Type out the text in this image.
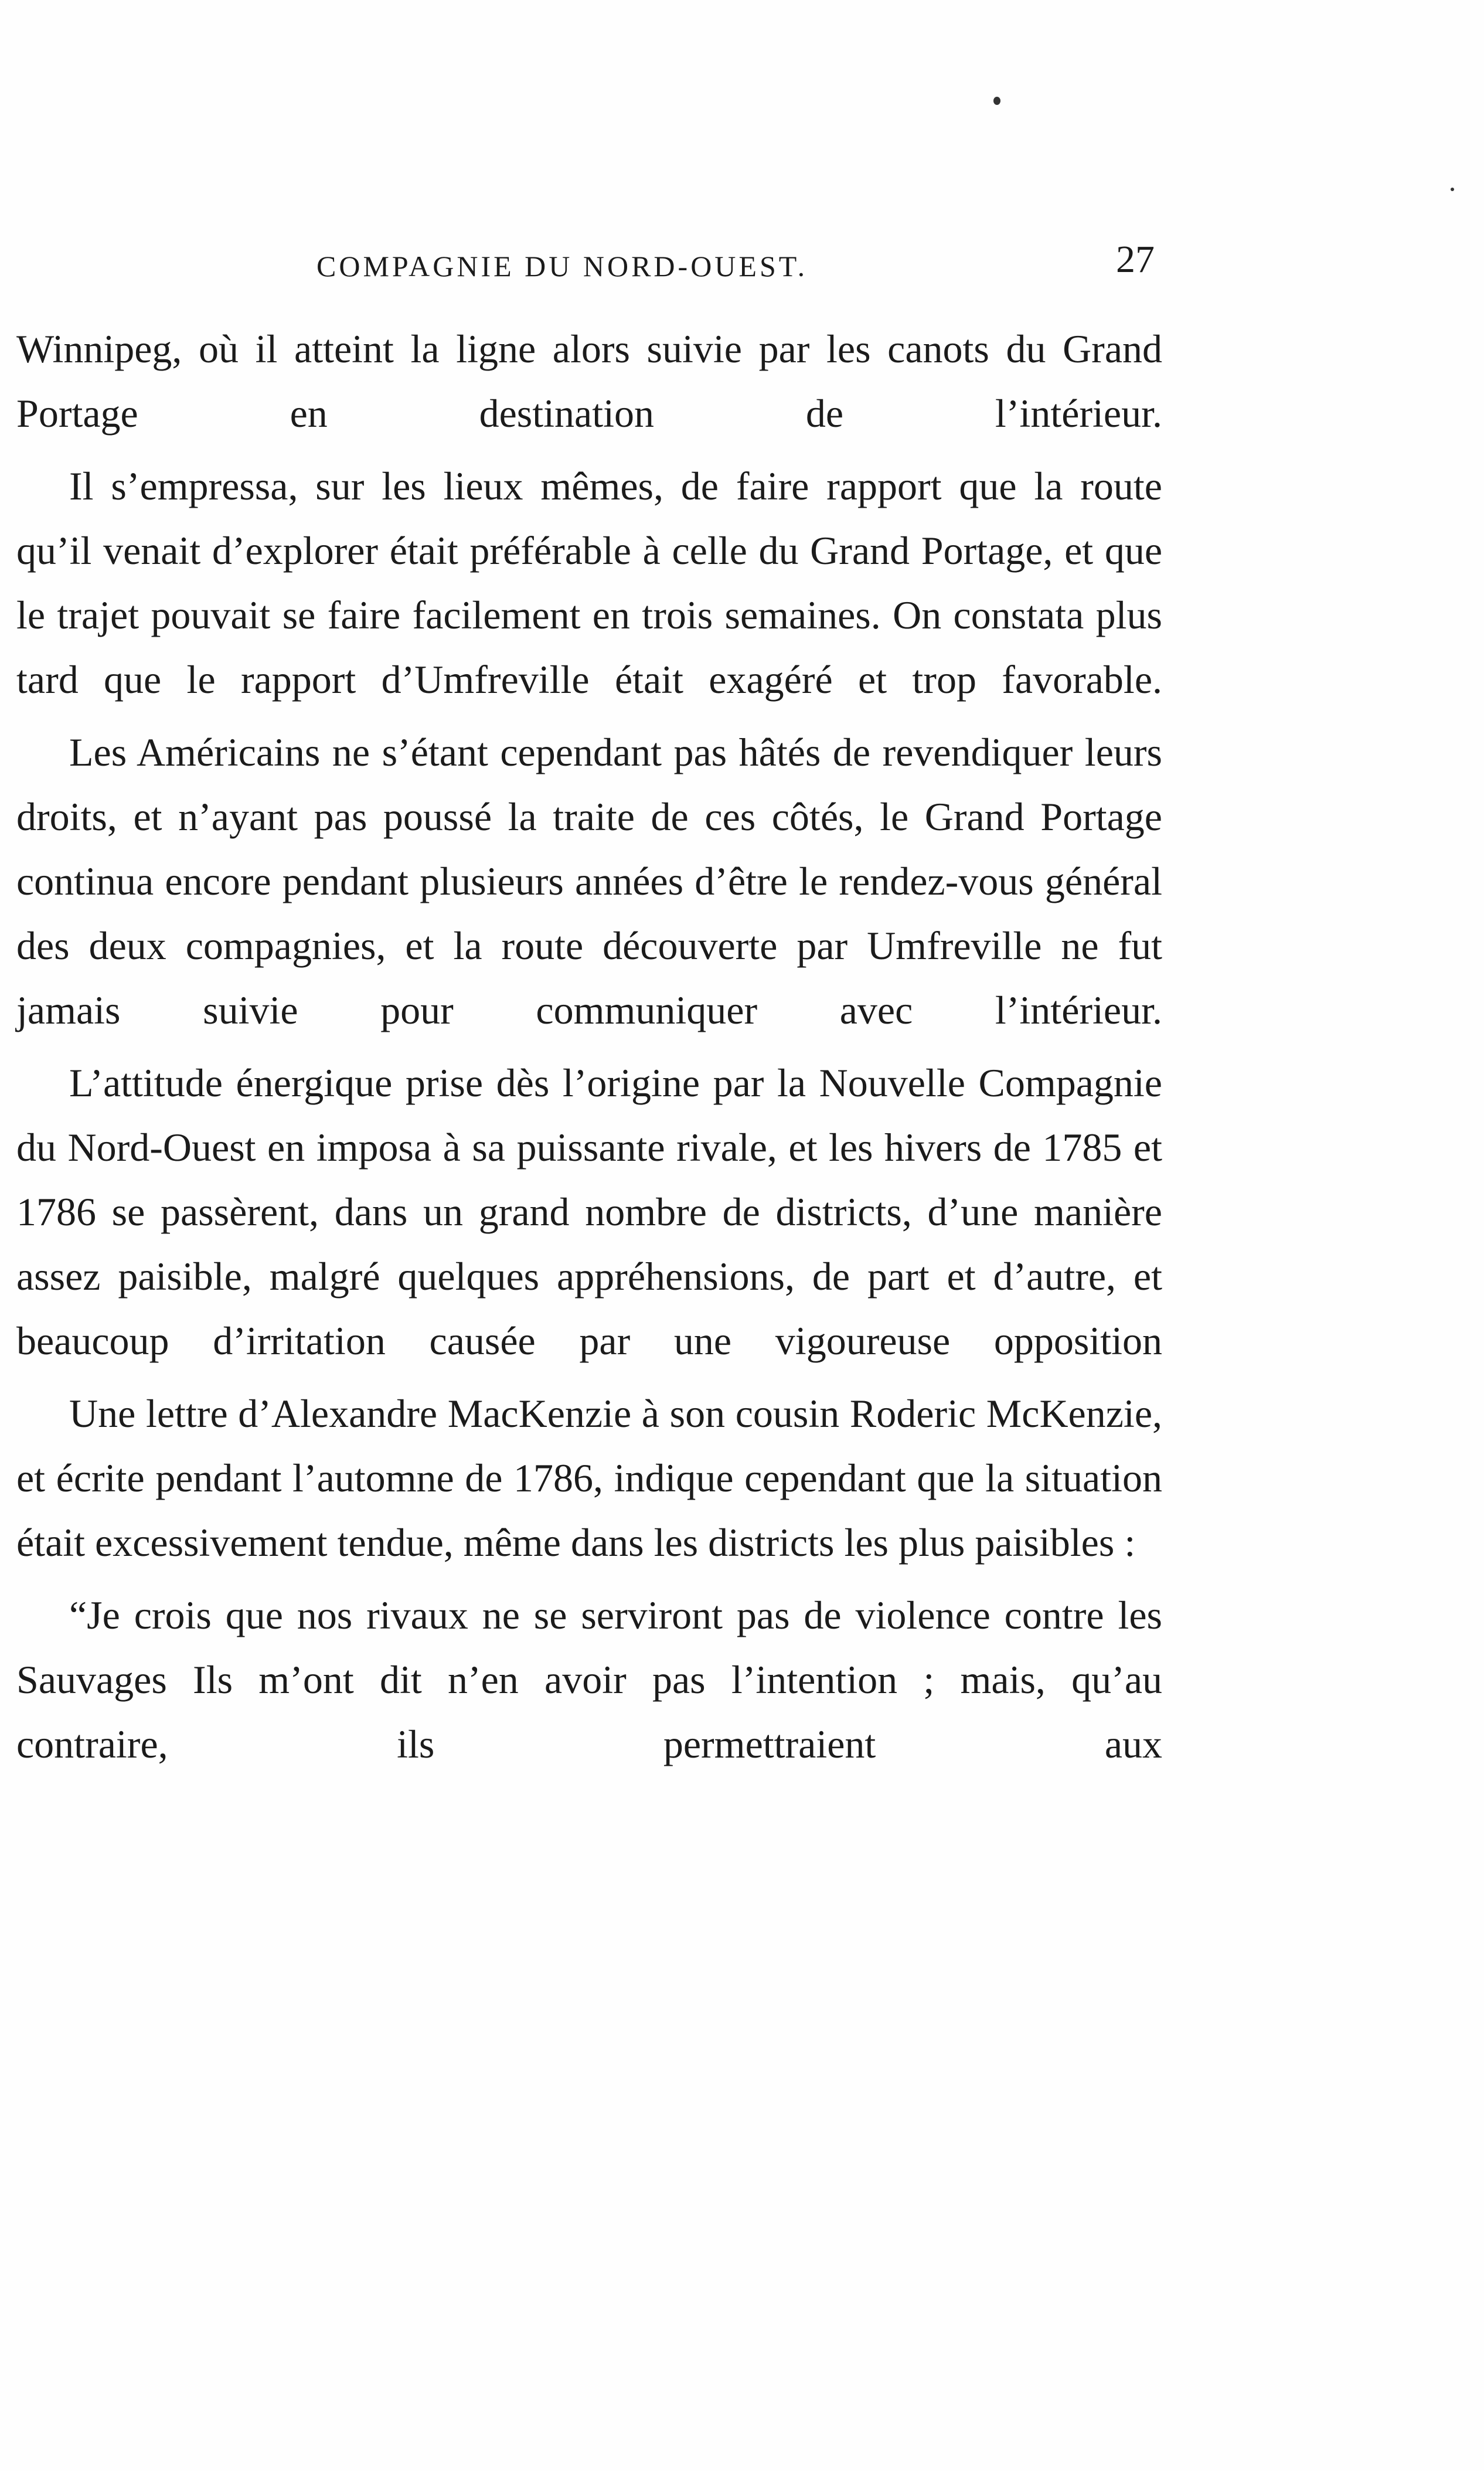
COMPAGNIE DU NORD-OUEST.	27

Winnipeg, où il atteint la ligne alors suivie par les canots du Grand Portage en destination de l’intérieur.

Il s’empressa, sur les lieux mêmes, de faire rapport que la route qu’il venait d’explorer était préférable à celle du Grand Portage, et que le trajet pouvait se faire facilement en trois semaines. On constata plus tard que le rapport d’Umfreville était exagéré et trop favorable.

Les Américains ne s’étant cependant pas hâtés de revendiquer leurs droits, et n’ayant pas poussé la traite de ces côtés, le Grand Portage continua encore pendant plusieurs années d’être le rendez-vous général des deux compagnies, et la route découverte par Umfreville ne fut jamais suivie pour communiquer avec l’intérieur.

L’attitude énergique prise dès l’origine par la Nouvelle Compagnie du Nord-Ouest en imposa à sa puissante rivale, et les hivers de 1785 et 1786 se passèrent, dans un grand nombre de districts, d’une manière assez paisible, malgré quelques appréhensions, de part et d’autre, et beaucoup d’irritation causée par une vigoureuse opposition

Une lettre d’Alexandre MacKenzie à son cousin Roderic McKenzie, et écrite pendant l’automne de 1786, indique cependant que la situation était excessivement tendue, même dans les districts les plus paisibles :

“Je crois que nos rivaux ne se serviront pas de violence contre les Sauvages Ils m’ont dit n’en avoir pas l’intention ; mais, qu’au contraire, ils permettraient aux
